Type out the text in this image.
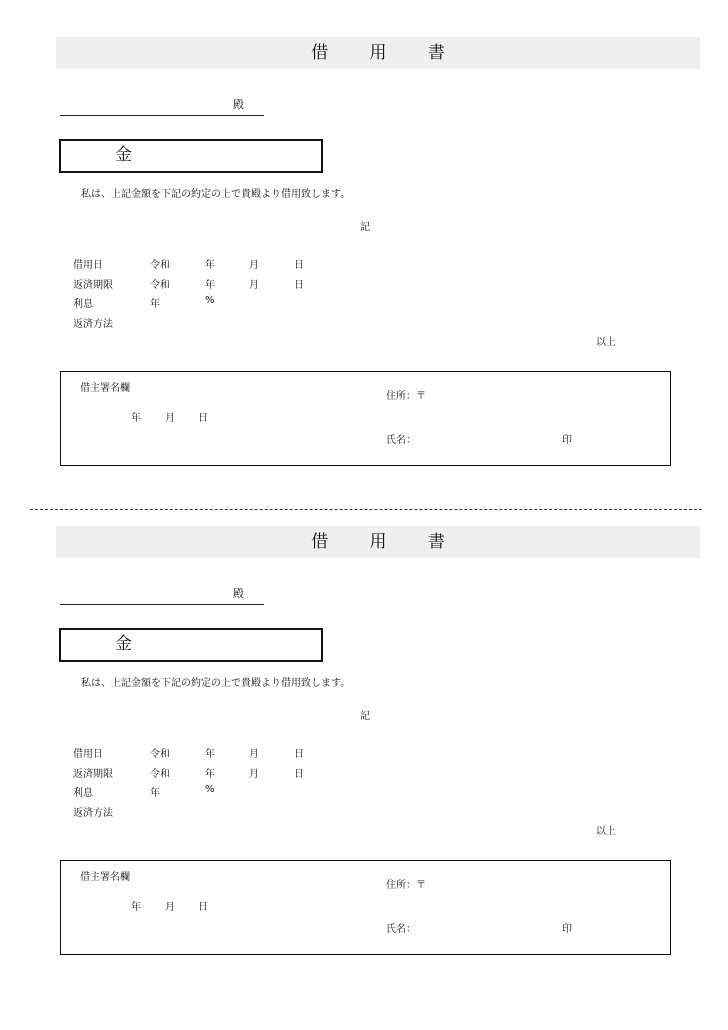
借 用 書
殿
金
私は、上記金額を下記の約定の上で貴殿より借用致します。
記
借用日	令和	年	月	日
返済期限	令和	年	月	日
利息	年	%
返済方法
以上
借主署名欄
年 月 日
住所：〒
氏名：	印
借 用 書
殿
金
私は、上記金額を下記の約定の上で貴殿より借用致します。
記
借用日	令和	年	月	日
返済期限	令和	年	月	日
利息	年	%
返済方法
以上
借主署名欄
年 月 日
住所：〒
氏名：	印
